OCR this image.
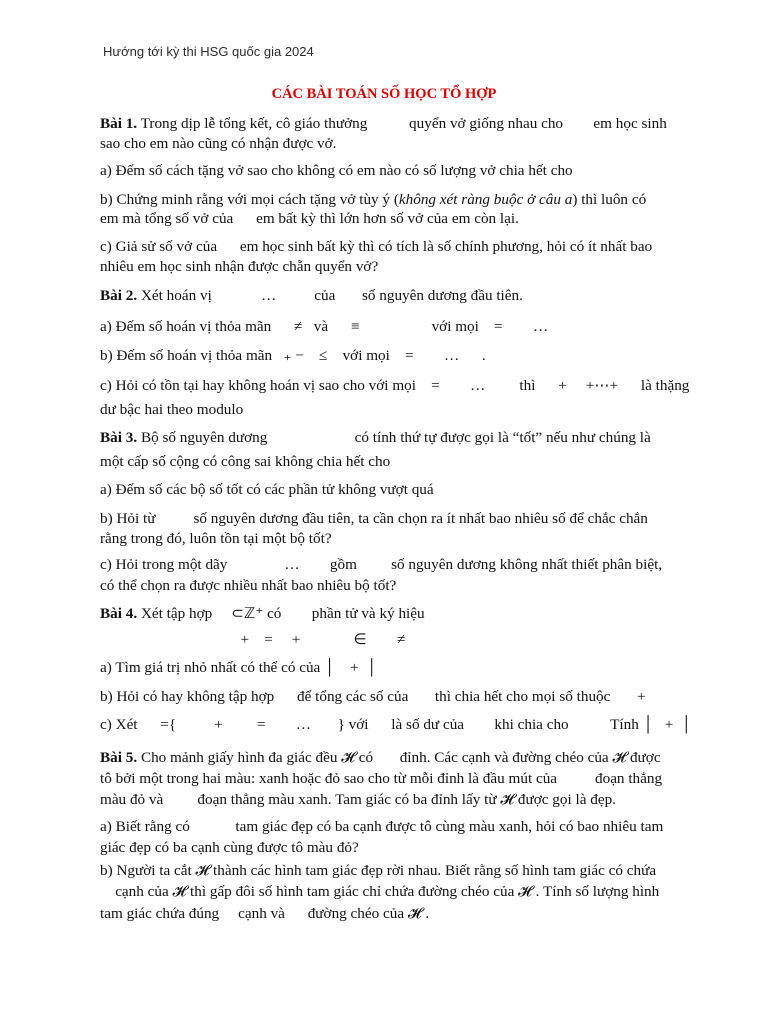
Hướng tới kỳ thi HSG quốc gia 2024
CÁC BÀI TOÁN SỐ HỌC TỔ HỢP
Bài 1. Trong dịp lễ tổng kết, cô giáo thưởng           quyển vở giống nhau cho        em học sinh
sao cho em nào cũng có nhận được vở.
a) Đếm số cách tặng vở sao cho không có em nào có số lượng vở chia hết cho
b) Chứng minh rằng với mọi cách tặng vở tùy ý (không xét ràng buộc ở câu a) thì luôn có
em mà tổng số vở của      em bất kỳ thì lớn hơn số vở của em còn lại.
c) Giả sử số vở của      em học sinh bất kỳ thì có tích là số chính phương, hỏi có ít nhất bao
nhiêu em học sinh nhận được chẵn quyển vở?
Bài 2. Xét hoán vị             …          của       số nguyên dương đầu tiên.
a) Đếm số hoán vị thỏa mãn      ≠   và      ≡                   với mọi    =        …
b) Đếm số hoán vị thỏa mãn   ₊ −    ≤    với mọi    =        …      .
c) Hỏi có tồn tại hay không hoán vị sao cho với mọi    =        …         thì      +     +⋯+      là thặng
dư bậc hai theo modulo
Bài 3. Bộ số nguyên dương                       có tính thứ tự được gọi là “tốt” nếu như chúng là
một cấp số cộng có công sai không chia hết cho
a) Đếm số các bộ số tốt có các phần tử không vượt quá
b) Hỏi từ          số nguyên dương đầu tiên, ta cần chọn ra ít nhất bao nhiêu số để chắc chắn
rằng trong đó, luôn tồn tại một bộ tốt?
c) Hỏi trong một dãy               …        gồm         số nguyên dương không nhất thiết phân biệt,
có thể chọn ra được nhiều nhất bao nhiêu bộ tốt?
Bài 4. Xét tập hợp     ⊂ℤ⁺ có        phần tử và ký hiệu
+    =     +              ∈        ≠
a) Tìm giá trị nhỏ nhất có thể có của │    +  │
b) Hỏi có hay không tập hợp      để tổng các số của       thì chia hết cho mọi số thuộc       +
c) Xét      ={          +         =        …       } với      là số dư của        khi chia cho           Tính │   +  │
Bài 5. Cho mảnh giấy hình đa giác đều 𝓗 có       đỉnh. Các cạnh và đường chéo của 𝓗 được
tô bởi một trong hai màu: xanh hoặc đỏ sao cho từ mỗi đỉnh là đầu mút của          đoạn thẳng
màu đỏ và         đoạn thẳng màu xanh. Tam giác có ba đỉnh lấy từ 𝓗 được gọi là đẹp.
a) Biết rằng có            tam giác đẹp có ba cạnh được tô cùng màu xanh, hỏi có bao nhiêu tam
giác đẹp có ba cạnh cùng được tô màu đỏ?
b) Người ta cắt 𝓗 thành các hình tam giác đẹp rời nhau. Biết rằng số hình tam giác có chứa
cạnh của 𝓗 thì gấp đôi số hình tam giác chỉ chứa đường chéo của 𝓗 . Tính số lượng hình
tam giác chứa đúng     cạnh và      đường chéo của 𝓗 .
